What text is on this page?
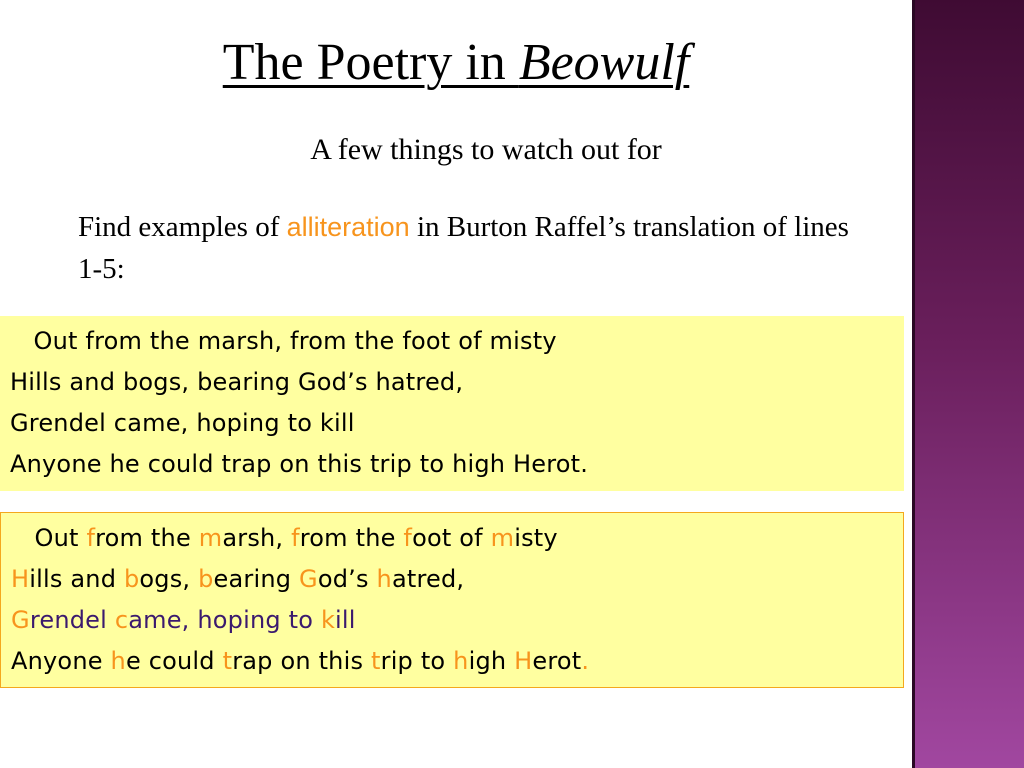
The Poetry in Beowulf
A few things to watch out for
Find examples of alliteration in Burton Raffel’s translation of lines 1-5:
Out from the marsh, from the foot of misty
Hills and bogs, bearing God’s hatred,
Grendel came, hoping to kill
Anyone he could trap on this trip to high Herot.
Out from the marsh, from the foot of misty
Hills and bogs, bearing God’s hatred,
Grendel came, hoping to kill
Anyone he could trap on this trip to high Herot.
